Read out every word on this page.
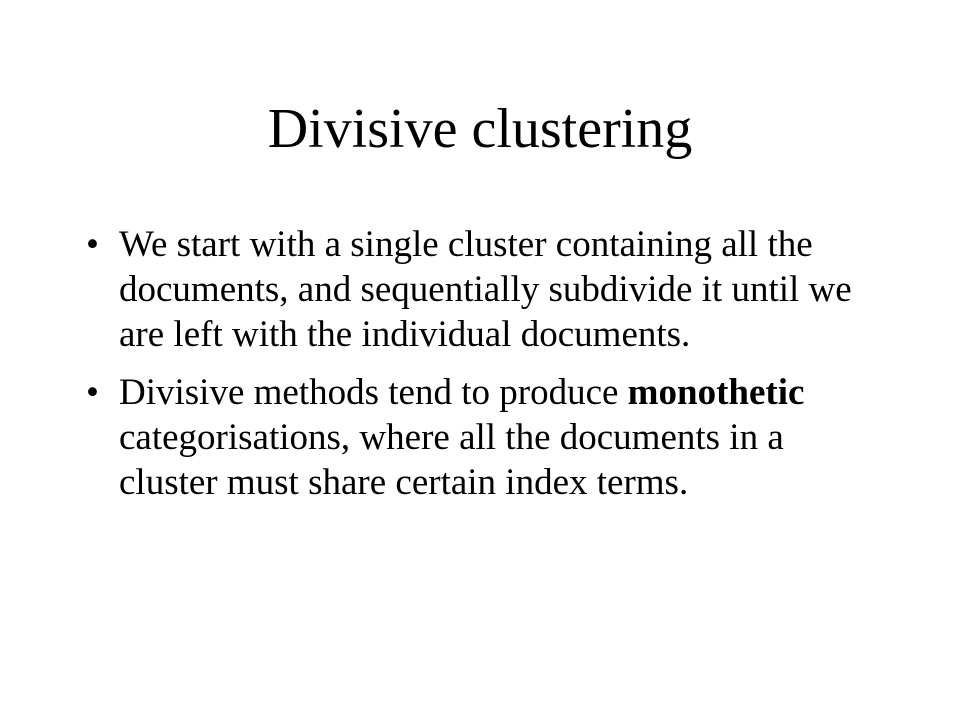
Divisive clustering
• We start with a single cluster containing all the documents, and sequentially subdivide it until we are left with the individual documents.
• Divisive methods tend to produce monothetic categorisations, where all the documents in a cluster must share certain index terms.
